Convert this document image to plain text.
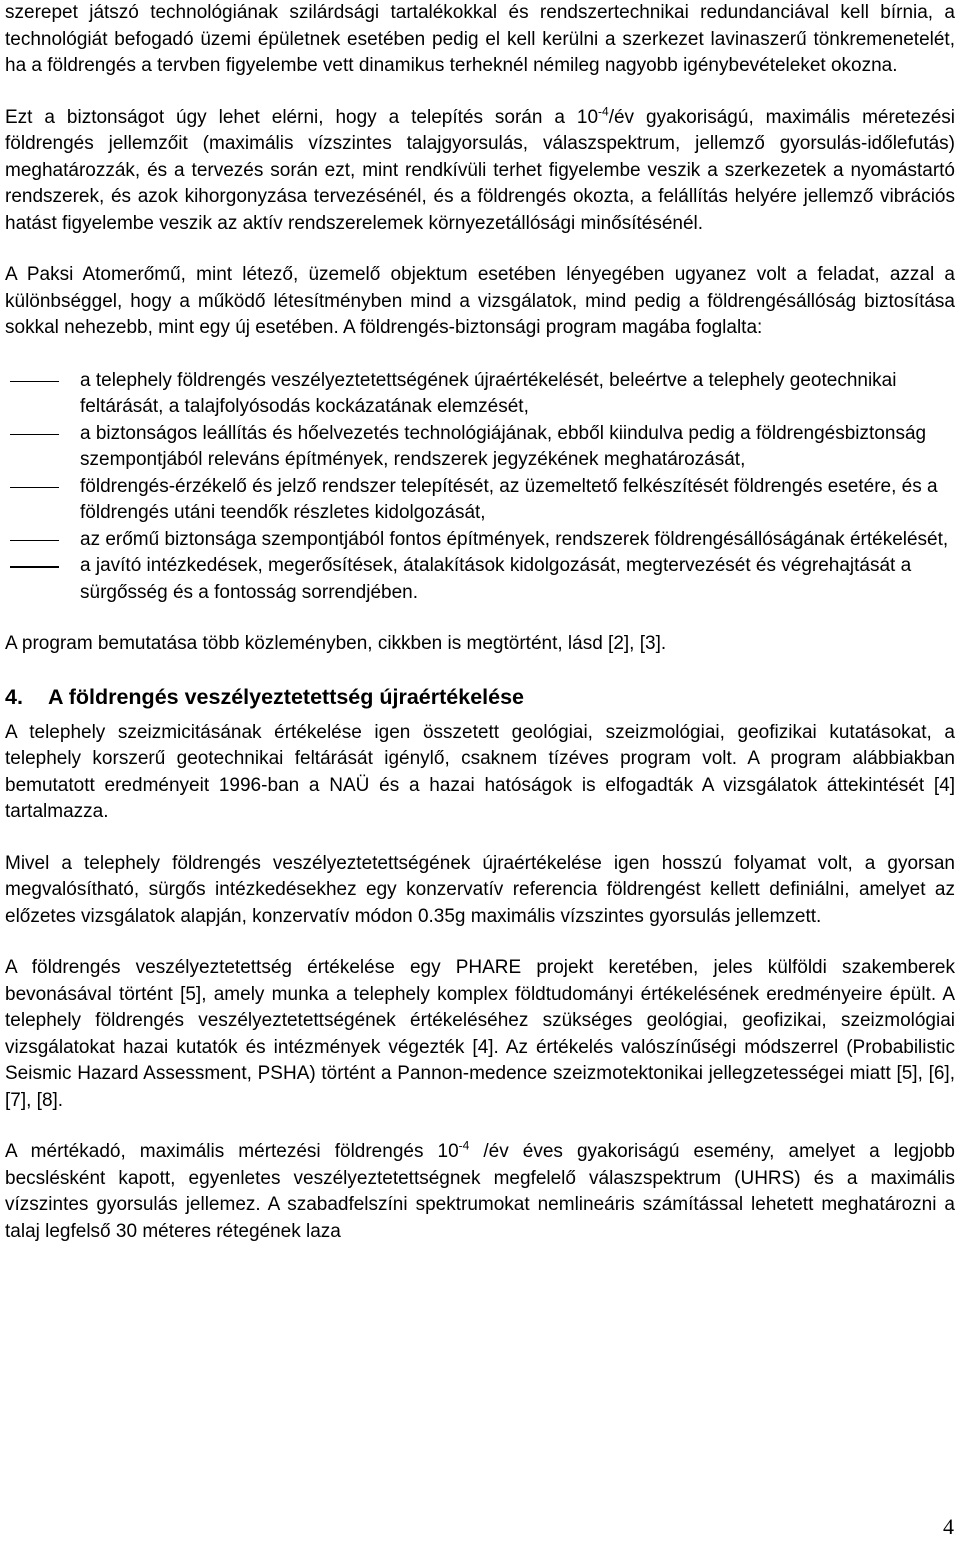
szerepet játszó technológiának szilárdsági tartalékokkal és rendszertechnikai redundanciával kell bírnia, a technológiát befogadó üzemi épületnek esetében pedig el kell kerülni a szerkezet lavinaszerű tönkremenetelét, ha a földrengés a tervben figyelembe vett dinamikus terheknél némileg nagyobb igénybevételeket okozna.

Ezt a biztonságot úgy lehet elérni, hogy a telepítés során a $10^{-4}/év$ gyakoriságú, maximális méretezési földrengés jellemzőit (maximális vízszintes talajgyorsulás, válaszspektrum, jellemző gyorsulás-időlefutás) meghatározzák, és a tervezés során ezt, mint rendkívüli terhet figyelembe veszik a szerkezetek a nyomástartó rendszerek, és azok kihorgonyzása tervezésénél, és a földrengés okozta, a felállítás helyére jellemző vibrációs hatást figyelembe veszik az aktív rendszerelemek környezetállósági minősítésénél.

A Paksi Atomerőmű, mint létező, üzemelő objektum esetében lényegében ugyanez volt a feladat, azzal a különbséggel, hogy a működő létesítményben mind a vizsgálatok, mind pedig a földrengésállóság biztosítása sokkal nehezebb, mint egy új esetében. A földrengés-biztonsági program magába foglalta:

a telephely földrengés veszélyeztetettségének újraértékelését, beleértve a telephely geotechnikai feltárását, a talajfolyósodás kockázatának elemzését,
a biztonságos leállítás és hőelvezetés technológiájának, ebből kiindulva pedig a földrengésbiztonság szempontjából releváns építmények, rendszerek jegyzékének meghatározását,
földrengés-érzékelő és jelző rendszer telepítését, az üzemeltető felkészítését földrengés esetére, és a földrengés utáni teendők részletes kidolgozását,
az erőmű biztonsága szempontjából fontos építmények, rendszerek földrengésállóságának értékelését,
a javító intézkedések, megerősítések, átalakítások kidolgozását, megtervezését és végrehajtását a sürgősség és a fontosság sorrendjében.

A program bemutatása több közleményben, cikkben is megtörtént, lásd [2], [3].

4. A földrengés veszélyeztetettség újraértékelése

A telephely szeizmicitásának értékelése igen összetett geológiai, szeizmológiai, geofizikai kutatásokat, a telephely korszerű geotechnikai feltárását igénylő, csaknem tízéves program volt. A program alábbiakban bemutatott eredményeit 1996-ban a NAÜ és a hazai hatóságok is elfogadták A vizsgálatok áttekintését [4] tartalmazza.

Mivel a telephely földrengés veszélyeztetettségének újraértékelése igen hosszú folyamat volt, a gyorsan megvalósítható, sürgős intézkedésekhez egy konzervatív referencia földrengést kellett definiálni, amelyet az előzetes vizsgálatok alapján, konzervatív módon 0.35g maximális vízszintes gyorsulás jellemzett.

A földrengés veszélyeztetettség értékelése egy PHARE projekt keretében, jeles külföldi szakemberek bevonásával történt [5], amely munka a telephely komplex földtudományi értékelésének eredményeire épült. A telephely földrengés veszélyeztetettségének értékeléséhez szükséges geológiai, geofizikai, szeizmológiai vizsgálatokat hazai kutatók és intézmények végezték [4]. Az értékelés valószínűségi módszerrel (Probabilistic Seismic Hazard Assessment, PSHA) történt a Pannon-medence szeizmotektonikai jellegzetességei miatt [5], [6], [7], [8].

A mértékadó, maximális mértezési földrengés $10^{-4}$ /év éves gyakoriságú esemény, amelyet a legjobb becslésként kapott, egyenletes veszélyeztetettségnek megfelelő válaszspektrum (UHRS) és a maximális vízszintes gyorsulás jellemez. A szabadfelszíni spektrumokat nemlineáris számítással lehetett meghatározni a talaj legfelső 30 méteres rétegének laza

4
